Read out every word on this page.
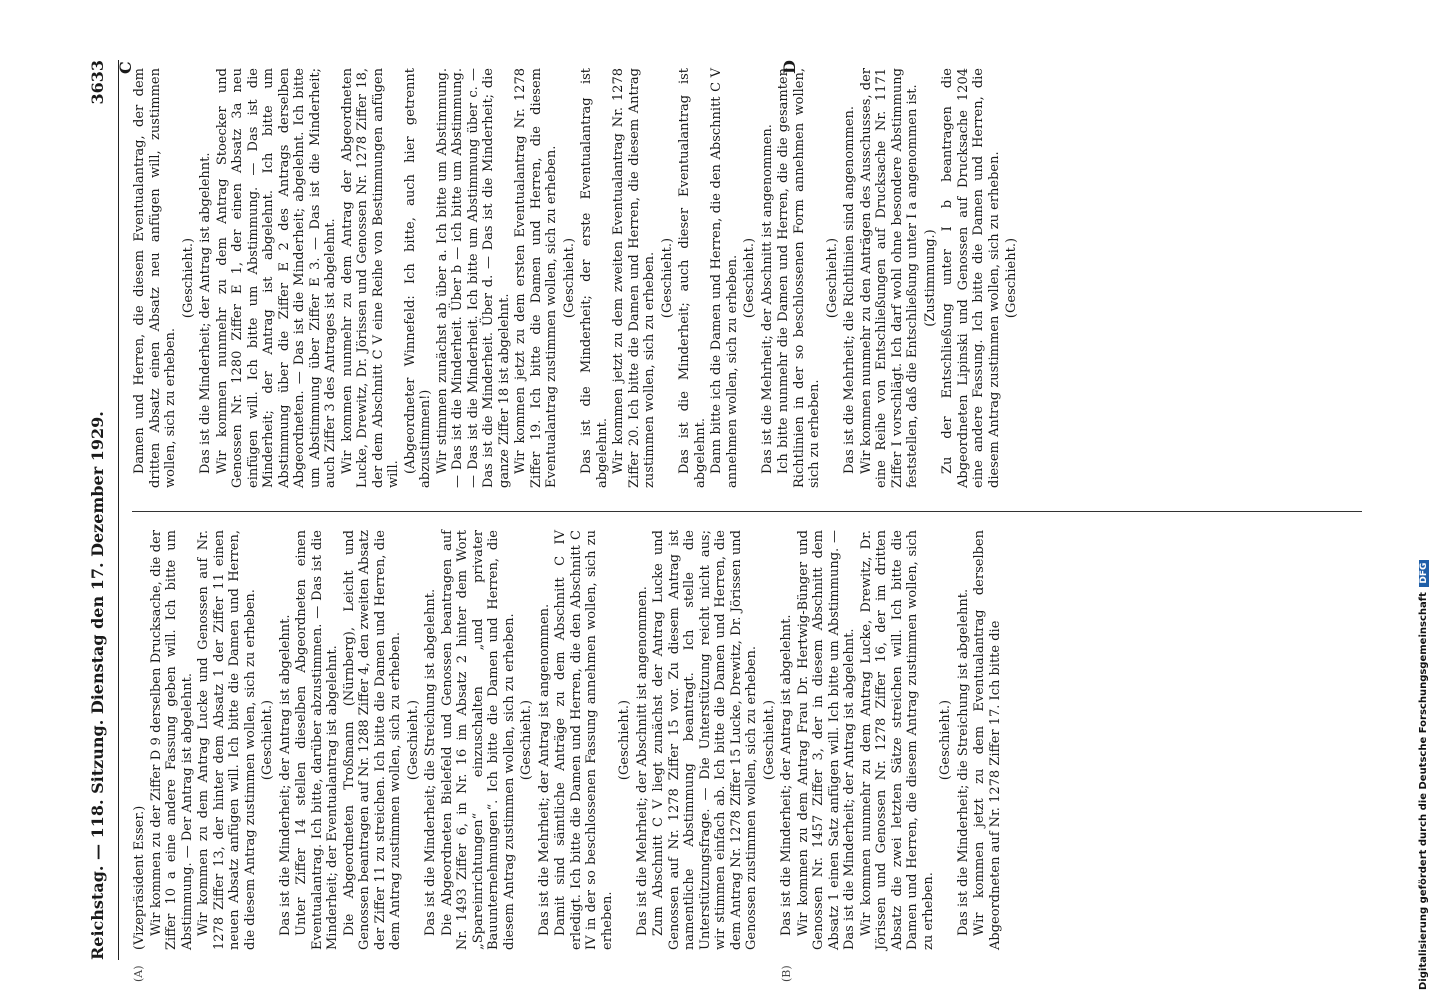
Reichstag. — 118. Sitzung. Dienstag den 17. Dezember 1929.
3633
(A)	(B)
C	D

(Vizepräsident Esser.) Wir kommen zu der Ziffer D 9 derselben Drucksache, die der Ziffer 10 a eine andere Fassung geben will. Ich bitte um Abstimmung. — Der Antrag ist abgelehnt. Wir kommen zu dem Antrag Lucke und Genossen auf Nr. 1278 Ziffer 13, der hinter dem Absatz 1 der Ziffer 11 einen neuen Absatz anfügen will. Ich bitte die Damen und Herren, die diesem Antrag zustimmen wollen, sich zu erheben. (Geschieht.) Das ist die Minderheit; der Antrag ist abgelehnt. Unter Ziffer 14 stellen dieselben Abgeordneten einen Eventualantrag. Ich bitte, darüber abzustimmen. — Das ist die Minderheit; der Eventualantrag ist abgelehnt. Die Abgeordneten Troßmann (Nürnberg), Leicht und Genossen beantragen auf Nr. 1288 Ziffer 4, den zweiten Absatz der Ziffer 11 zu streichen. Ich bitte die Damen und Herren, die dem Antrag zustimmen wollen, sich zu erheben. (Geschieht.) Das ist die Minderheit; die Streichung ist abgelehnt. Die Abgeordneten Bielefeld und Genossen beantragen auf Nr. 1493 Ziffer 6, in Nr. 16 im Absatz 2 hinter dem Wort „Spareinrichtungen“ einzuschalten „und privater Bauunternehmungen“. Ich bitte die Damen und Herren, die diesem Antrag zustimmen wollen, sich zu erheben. (Geschieht.) Das ist die Mehrheit; der Antrag ist angenommen. Damit sind sämtliche Anträge zu dem Abschnitt C IV erledigt. Ich bitte die Damen und Herren, die den Abschnitt C IV in der so beschlossenen Fassung annehmen wollen, sich zu erheben.

(Geschieht.) Das ist die Mehrheit; der Abschnitt ist angenommen. Zum Abschnitt C V liegt zunächst der Antrag Lucke und Genossen auf Nr. 1278 Ziffer 15 vor. Zu diesem Antrag ist namentliche Abstimmung beantragt. Ich stelle die Unterstützungsfrage. — Die Unterstützung reicht nicht aus; wir stimmen einfach ab. Ich bitte die Damen und Herren, die dem Antrag Nr. 1278 Ziffer 15 Lucke, Drewitz, Dr. Jörissen und Genossen zustimmen wollen, sich zu erheben. (Geschieht.) Das ist die Minderheit; der Antrag ist abgelehnt. Wir kommen zu dem Antrag Frau Dr. Hertwig-Bünger und Genossen Nr. 1457 Ziffer 3, der in diesem Abschnitt dem Absatz 1 einen Satz anfügen will. Ich bitte um Abstimmung. — Das ist die Minderheit; der Antrag ist abgelehnt. Wir kommen nunmehr zu dem Antrag Lucke, Drewitz, Dr. Jörissen und Genossen Nr. 1278 Ziffer 16, der im dritten Absatz die zwei letzten Sätze streichen will. Ich bitte die Damen und Herren, die diesem Antrag zustimmen wollen, sich zu erheben.

(Geschieht.) Das ist die Minderheit; die Streichung ist abgelehnt. Wir kommen jetzt zu dem Eventualantrag derselben Abgeordneten auf Nr. 1278 Ziffer 17. Ich bitte die

Damen und Herren, die diesem Eventualantrag, der dem dritten Absatz einen Absatz neu anfügen will, zustimmen wollen, sich zu erheben.

(Geschieht.) Das ist die Minderheit; der Antrag ist abgelehnt. Wir kommen nunmehr zu dem Antrag Stoecker und Genossen Nr. 1280 Ziffer E 1, der einen Absatz 3a neu einfügen will. Ich bitte um Abstimmung. — Das ist die Minderheit; der Antrag ist abgelehnt. Ich bitte um Abstimmung über die Ziffer E 2 des Antrags derselben Abgeordneten. — Das ist die Minderheit; abgelehnt. Ich bitte um Abstimmung über Ziffer E 3. — Das ist die Minderheit; auch Ziffer 3 des Antrages ist abgelehnt. Wir kommen nunmehr zu dem Antrag der Abgeordneten Lucke, Drewitz, Dr. Jörissen und Genossen Nr. 1278 Ziffer 18, der dem Abschnitt C V eine Reihe von Bestimmungen anfügen will.

(Abgeordneter Winnefeld: Ich bitte, auch hier getrennt abzustimmen!) Wir stimmen zunächst ab über a. Ich bitte um Abstimmung. — Das ist die Minderheit. Über b — ich bitte um Abstimmung. — Das ist die Minderheit. Ich bitte um Abstimmung über c. — Das ist die Minderheit. Über d. — Das ist die Minderheit; die ganze Ziffer 18 ist abgelehnt. Wir kommen jetzt zu dem ersten Eventualantrag Nr. 1278 Ziffer 19. Ich bitte die Damen und Herren, die diesem Eventualantrag zustimmen wollen, sich zu erheben. (Geschieht.) Das ist die Minderheit; der erste Eventualantrag ist abgelehnt. Wir kommen jetzt zu dem zweiten Eventualantrag Nr. 1278 Ziffer 20. Ich bitte die Damen und Herren, die diesem Antrag zustimmen wollen, sich zu erheben. (Geschieht.) Das ist die Minderheit; auch dieser Eventualantrag ist abgelehnt. Dann bitte ich die Damen und Herren, die den Abschnitt C V annehmen wollen, sich zu erheben. (Geschieht.) Das ist die Mehrheit; der Abschnitt ist angenommen. Ich bitte nunmehr die Damen und Herren, die die gesamten Richtlinien in der so beschlossenen Form annehmen wollen, sich zu erheben.

(Geschieht.) Das ist die Mehrheit; die Richtlinien sind angenommen. Wir kommen nunmehr zu den Anträgen des Ausschusses, der eine Reihe von Entschließungen auf Drucksache Nr. 1171 Ziffer I vorschlägt. Ich darf wohl ohne besondere Abstimmung feststellen, daß die Entschließung unter I a angenommen ist. (Zustimmung.) Zu der Entschließung unter I b beantragen die Abgeordneten Lipinski und Genossen auf Drucksache 1204 eine andere Fassung. Ich bitte die Damen und Herren, die diesem Antrag zustimmen wollen, sich zu erheben. (Geschieht.)

Digitalisierung gefördert durch die Deutsche Forschungsgemeinschaft DFG
